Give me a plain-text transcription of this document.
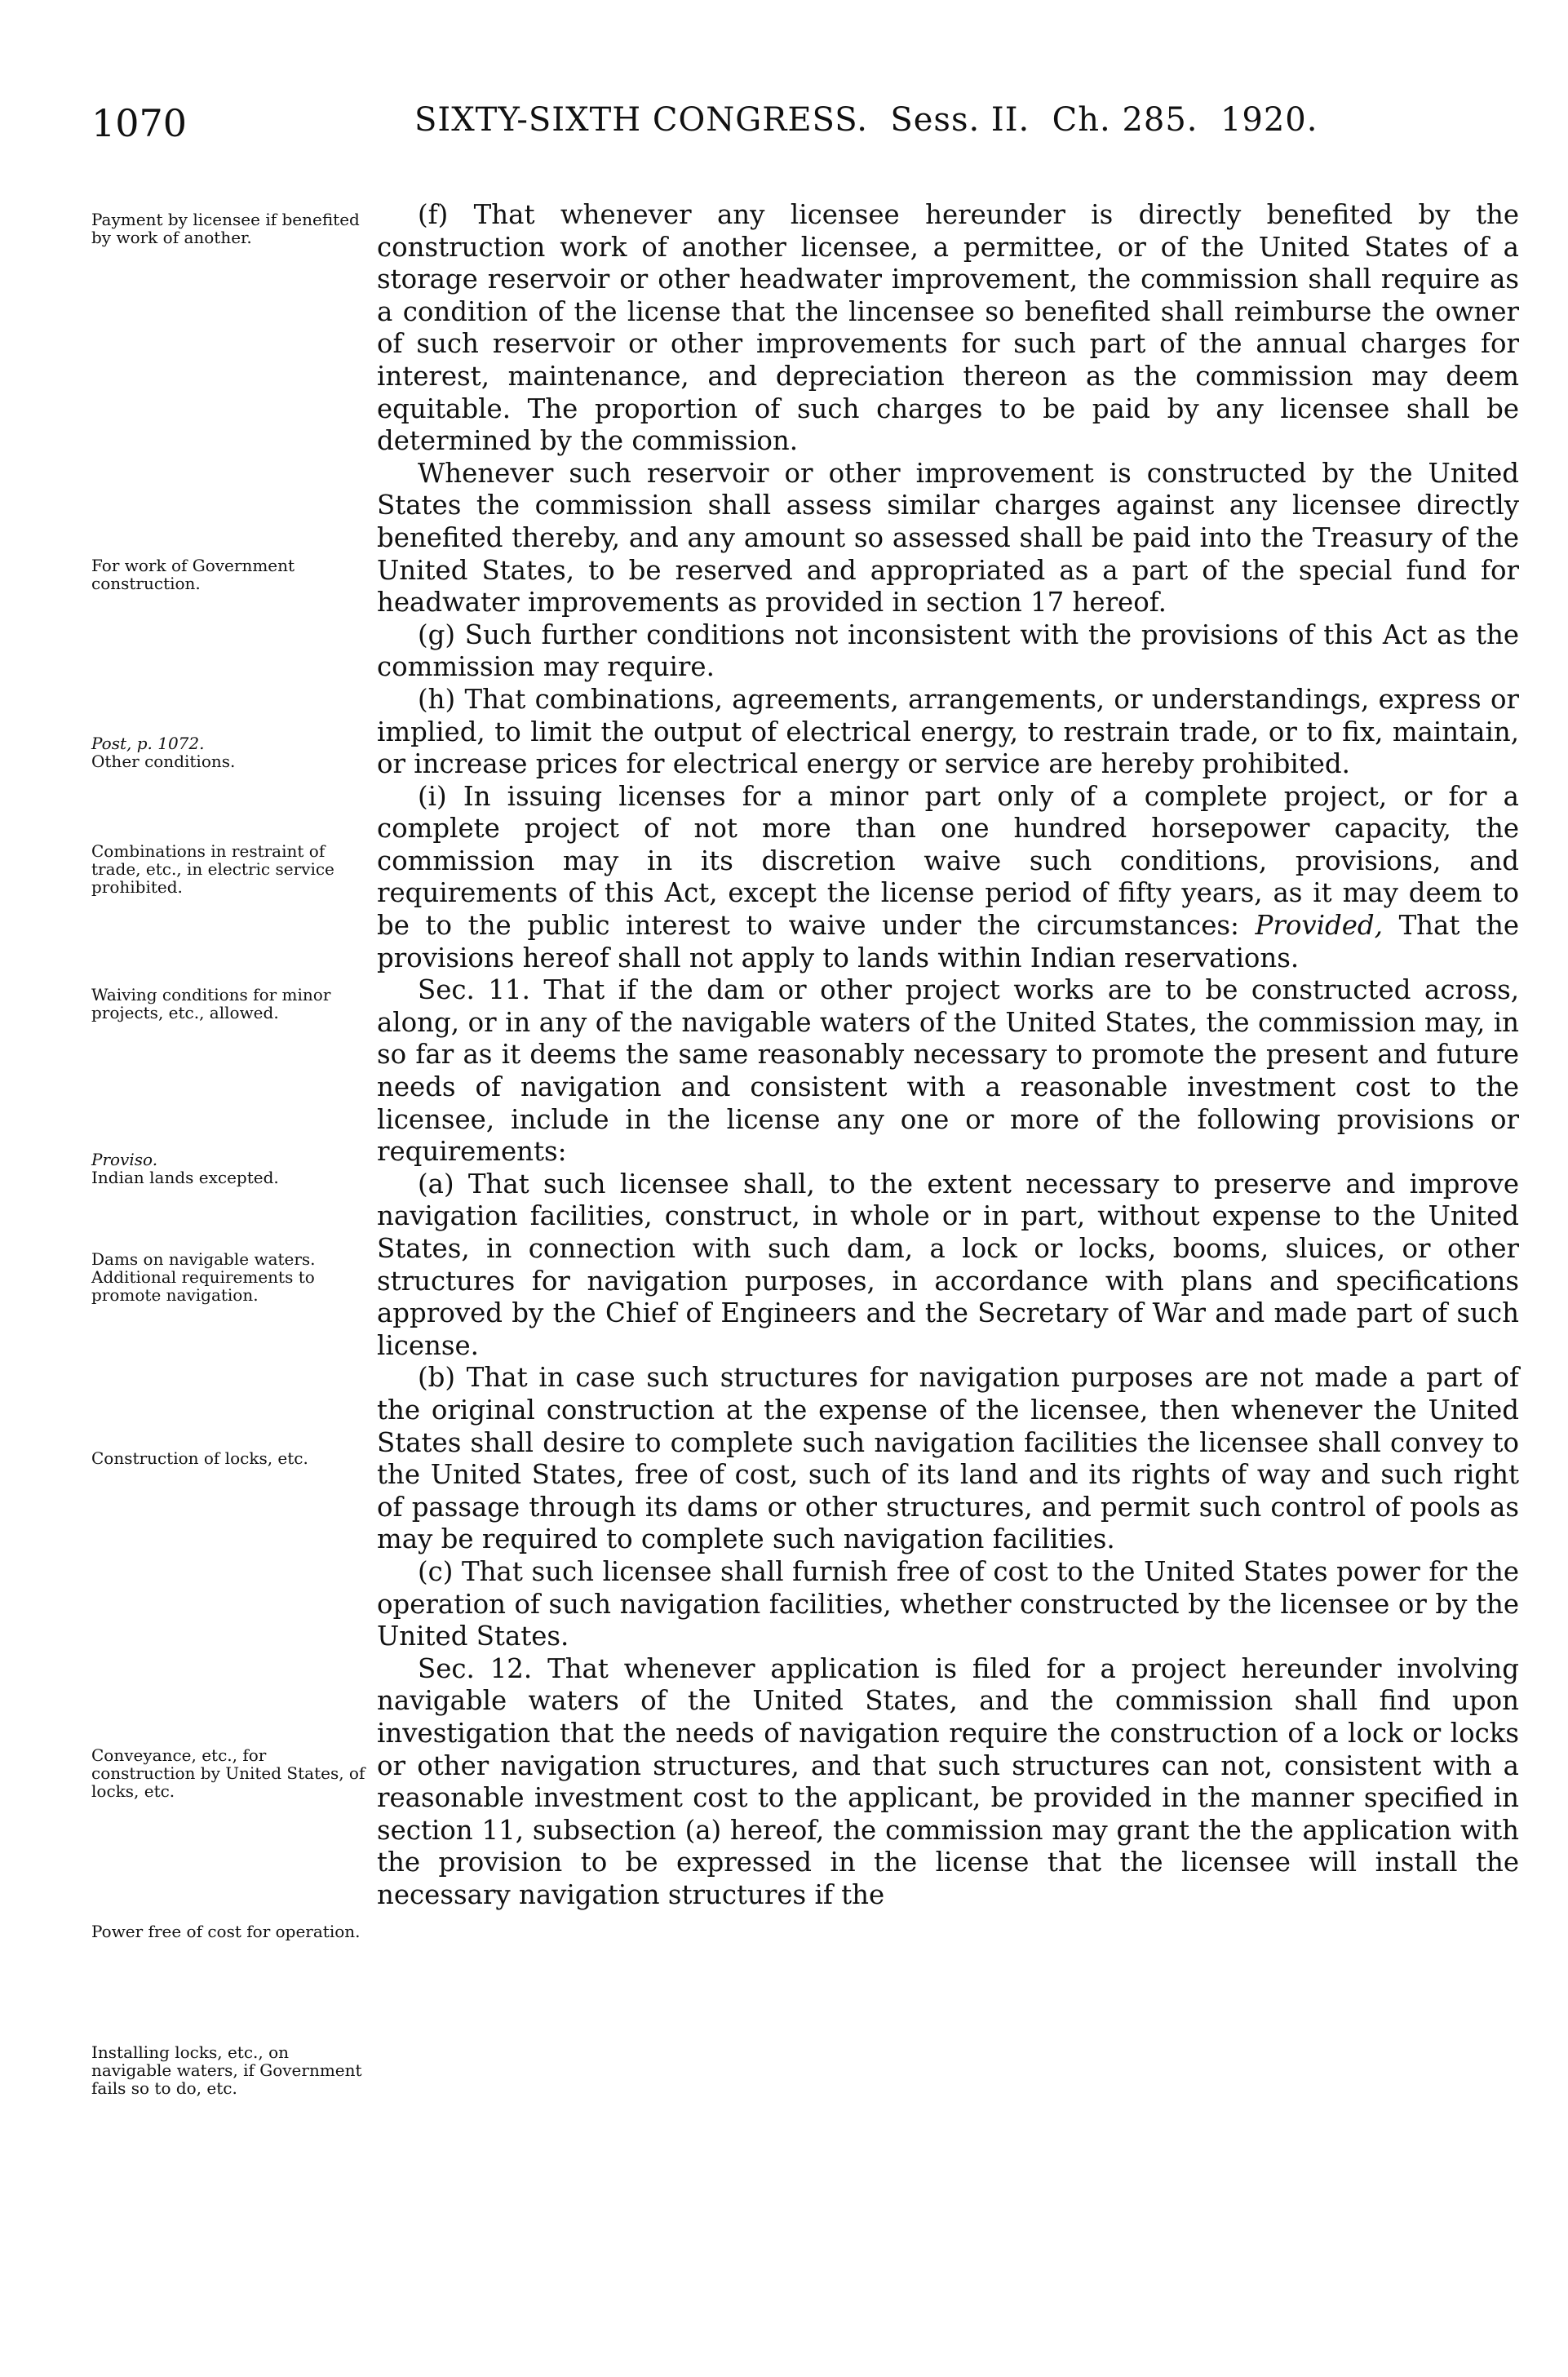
1070	SIXTY-SIXTH CONGRESS. Sess. II. Ch. 285. 1920.
Payment by licensee if benefited by work of another.
For work of Government construction.
Post, p. 1072.
Other conditions.
Combinations in restraint of trade, etc., in electric service prohibited.
Waiving conditions for minor projects, etc., allowed.
Proviso.
Indian lands excepted.
Dams on navigable waters.
Additional requirements to promote navigation.
Construction of locks, etc.
Conveyance, etc., for construction by United States, of locks, etc.
Power free of cost for operation.
Installing locks, etc., on navigable waters, if Government fails so to do, etc.

(f) That whenever any licensee hereunder is directly benefited by the construction work of another licensee, a permittee, or of the United States of a storage reservoir or other headwater improvement, the commission shall require as a condition of the license that the lincensee so benefited shall reimburse the owner of such reservoir or other improvements for such part of the annual charges for interest, maintenance, and depreciation thereon as the commission may deem equitable. The proportion of such charges to be paid by any licensee shall be determined by the commission.

Whenever such reservoir or other improvement is constructed by the United States the commission shall assess similar charges against any licensee directly benefited thereby, and any amount so assessed shall be paid into the Treasury of the United States, to be reserved and appropriated as a part of the special fund for headwater improvements as provided in section 17 hereof.

(g) Such further conditions not inconsistent with the provisions of this Act as the commission may require.

(h) That combinations, agreements, arrangements, or understandings, express or implied, to limit the output of electrical energy, to restrain trade, or to fix, maintain, or increase prices for electrical energy or service are hereby prohibited.

(i) In issuing licenses for a minor part only of a complete project, or for a complete project of not more than one hundred horsepower capacity, the commission may in its discretion waive such conditions, provisions, and requirements of this Act, except the license period of fifty years, as it may deem to be to the public interest to waive under the circumstances: Provided, That the provisions hereof shall not apply to lands within Indian reservations.

Sec. 11. That if the dam or other project works are to be constructed across, along, or in any of the navigable waters of the United States, the commission may, in so far as it deems the same reasonably necessary to promote the present and future needs of navigation and consistent with a reasonable investment cost to the licensee, include in the license any one or more of the following provisions or requirements:

(a) That such licensee shall, to the extent necessary to preserve and improve navigation facilities, construct, in whole or in part, without expense to the United States, in connection with such dam, a lock or locks, booms, sluices, or other structures for navigation purposes, in accordance with plans and specifications approved by the Chief of Engineers and the Secretary of War and made part of such license.

(b) That in case such structures for navigation purposes are not made a part of the original construction at the expense of the licensee, then whenever the United States shall desire to complete such navigation facilities the licensee shall convey to the United States, free of cost, such of its land and its rights of way and such right of passage through its dams or other structures, and permit such control of pools as may be required to complete such navigation facilities.

(c) That such licensee shall furnish free of cost to the United States power for the operation of such navigation facilities, whether constructed by the licensee or by the United States.

Sec. 12. That whenever application is filed for a project hereunder involving navigable waters of the United States, and the commission shall find upon investigation that the needs of navigation require the construction of a lock or locks or other navigation structures, and that such structures can not, consistent with a reasonable investment cost to the applicant, be provided in the manner specified in section 11, subsection (a) hereof, the commission may grant the the application with the provision to be expressed in the license that the licensee will install the necessary navigation structures if the
